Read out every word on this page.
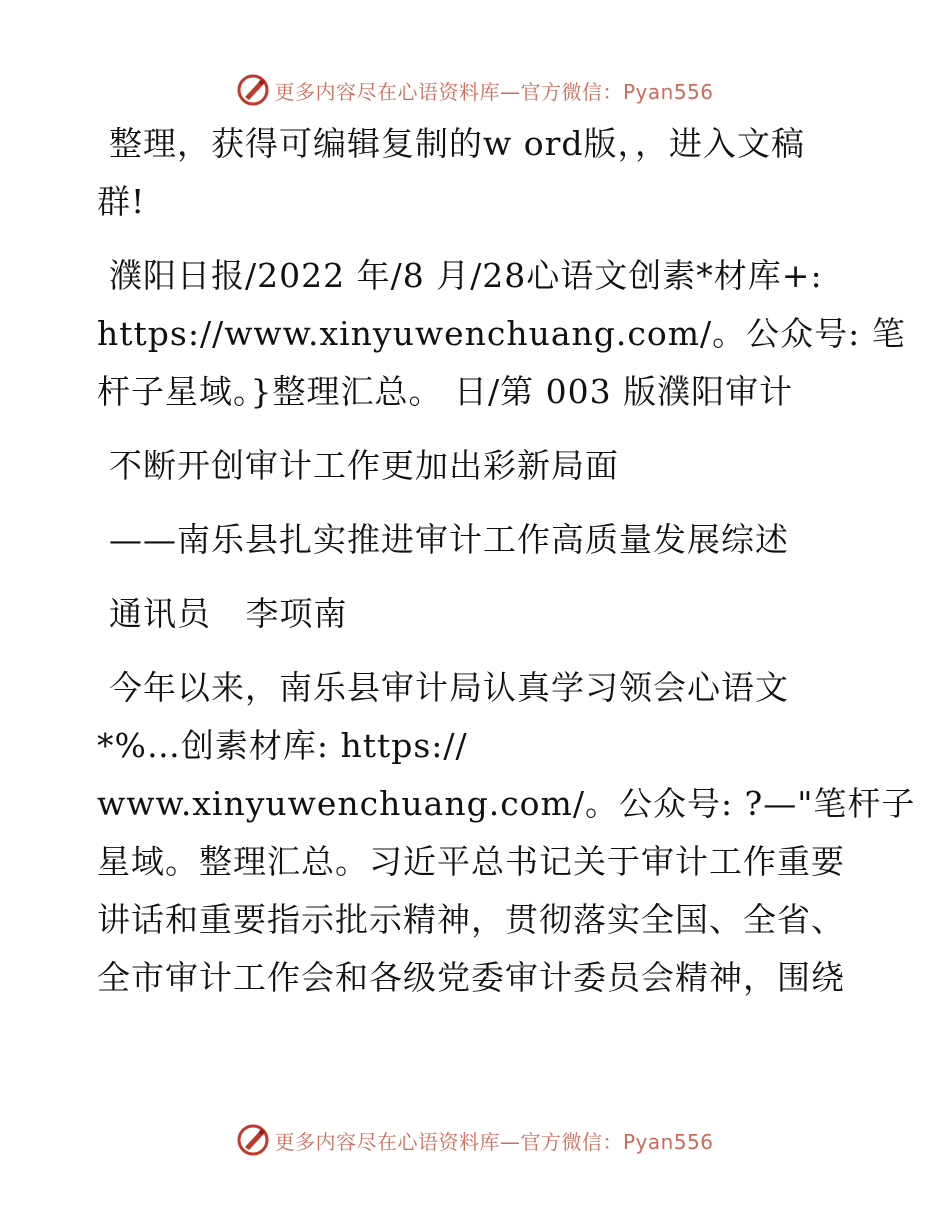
更多内容尽在心语资料库—官方微信：Pyan556
整理，获得可编辑复制的w ord版，，进入文稿
群!
濮阳日报/2022 年/8 月/28心语文创素*材库+:
https://www.xinyuwenchuang.com/。公众号: 笔
杆子星域。}整理汇总。 日/第 003 版濮阳审计
不断开创审计工作更加出彩新局面
——南乐县扎实推进审计工作高质量发展综述
通讯员   李项南
今年以来，南乐县审计局认真学习领会心语文
*%…创素材库: https://
www.xinyuwenchuang.com/。公众号: ?—"笔杆子
星域。整理汇总。习近平总书记关于审计工作重要
讲话和重要指示批示精神，贯彻落实全国、全省、
全市审计工作会和各级党委审计委员会精神，围绕
更多内容尽在心语资料库—官方微信：Pyan556
